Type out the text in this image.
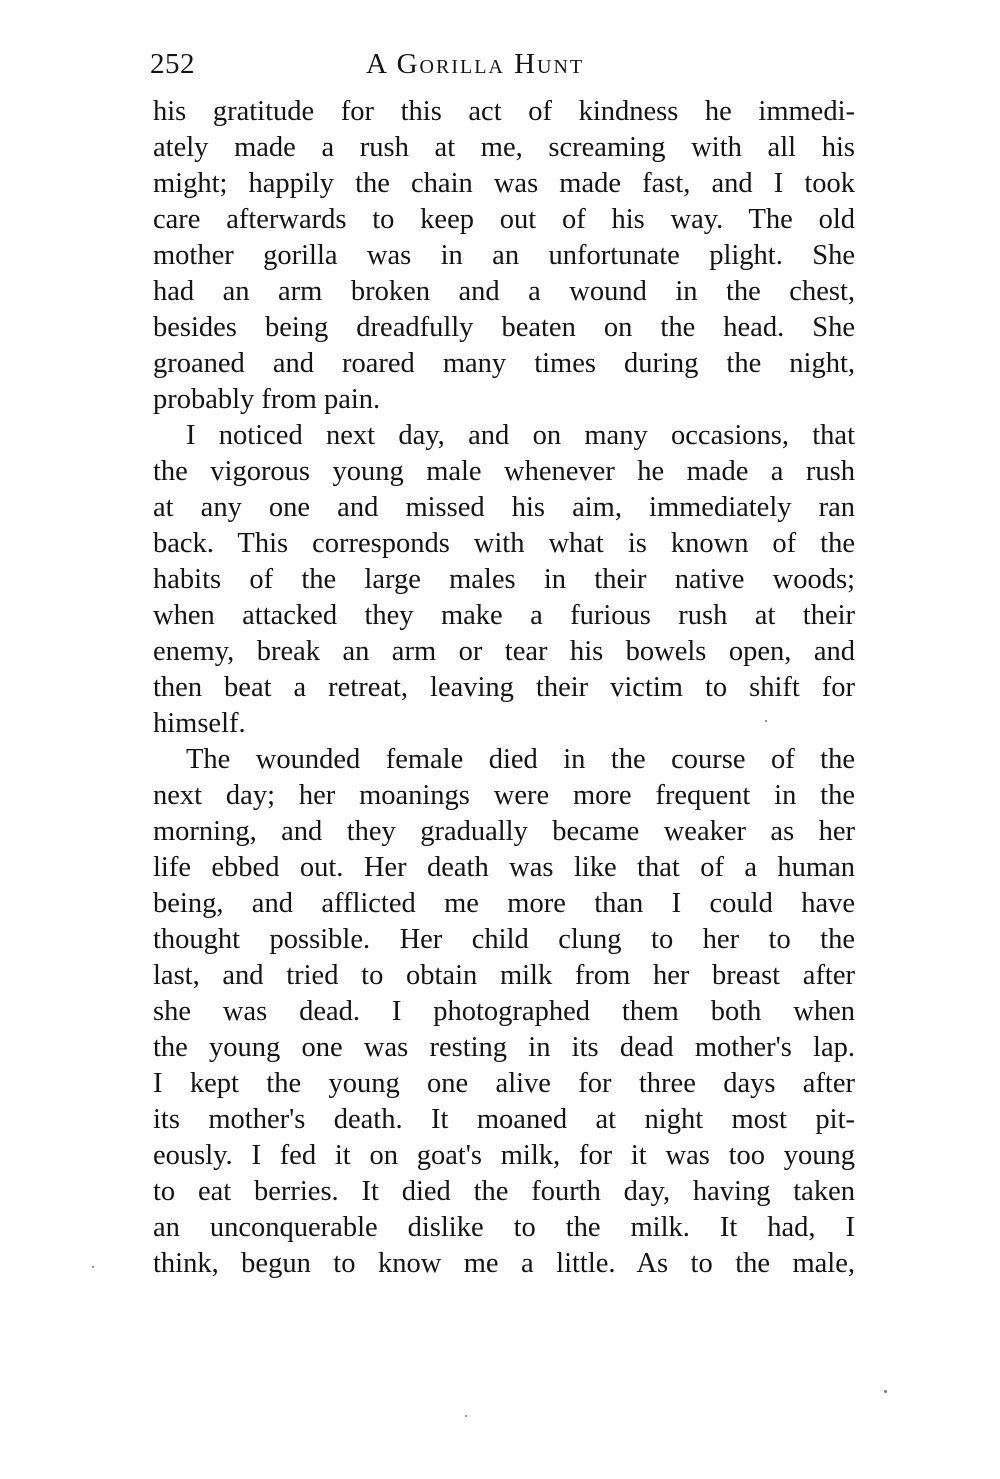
252	A Gorilla Hunt
his gratitude for this act of kindness he immedi-
ately made a rush at me, screaming with all his
might; happily the chain was made fast, and I took
care afterwards to keep out of his way. The old
mother gorilla was in an unfortunate plight. She
had an arm broken and a wound in the chest,
besides being dreadfully beaten on the head. She
groaned and roared many times during the night,
probably from pain.
I noticed next day, and on many occasions, that
the vigorous young male whenever he made a rush
at any one and missed his aim, immediately ran
back. This corresponds with what is known of the
habits of the large males in their native woods;
when attacked they make a furious rush at their
enemy, break an arm or tear his bowels open, and
then beat a retreat, leaving their victim to shift for
himself.
The wounded female died in the course of the
next day; her moanings were more frequent in the
morning, and they gradually became weaker as her
life ebbed out. Her death was like that of a human
being, and afflicted me more than I could have
thought possible. Her child clung to her to the
last, and tried to obtain milk from her breast after
she was dead. I photographed them both when
the young one was resting in its dead mother's lap.
I kept the young one alive for three days after
its mother's death. It moaned at night most pit-
eously. I fed it on goat's milk, for it was too young
to eat berries. It died the fourth day, having taken
an unconquerable dislike to the milk. It had, I
think, begun to know me a little. As to the male,
